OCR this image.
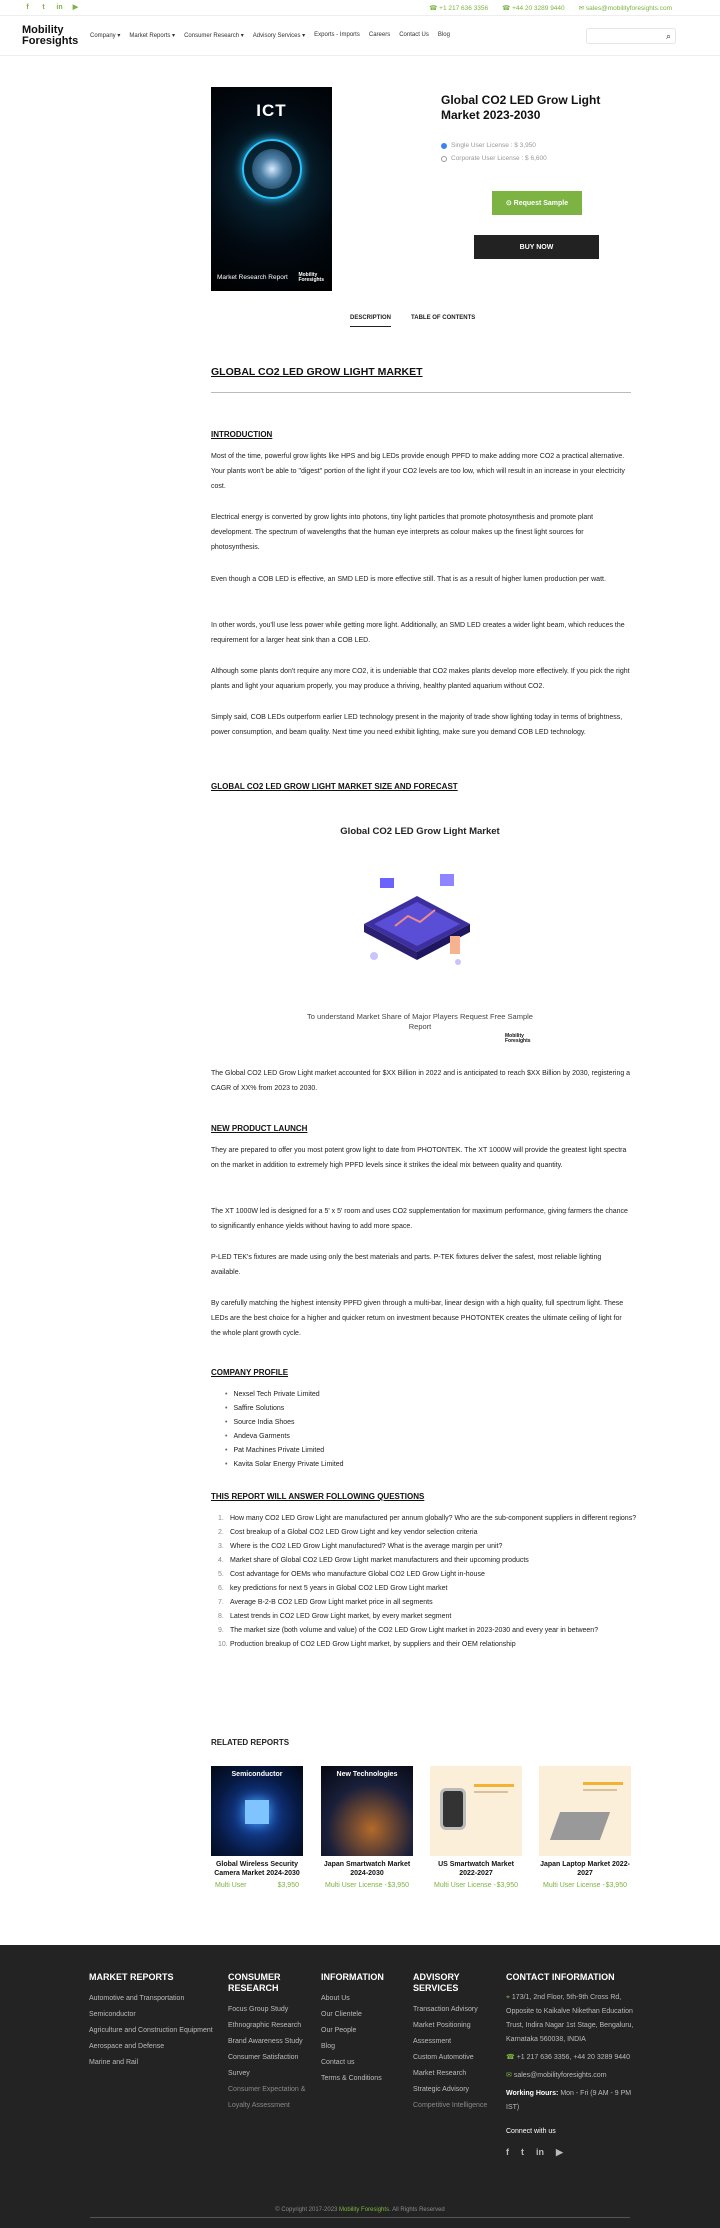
f	t	in ▶	☎ +1 217 636 3356 ☎ +44 20 3289 9440 ✉ sales@mobilityforesights.com
Mobility
Foresights Company ▾ Market Reports ▾ Consumer Research ▾ Advisory Services ▾ Exports - Imports Careers Contact Us Blog	⌕
ICT
Market Research Report Mobility
Foresights
Global CO2 LED Grow Light Market 2023-2030
Single User License : $ 3,950
Corporate User License : $ 6,600
⊙ Request Sample
BUY NOW
DESCRIPTION	TABLE OF CONTENTS
GLOBAL CO2 LED GROW LIGHT MARKET
INTRODUCTION
Most of the time, powerful grow lights like HPS and big LEDs provide enough PPFD to make adding more CO2 a practical alternative. Your plants won't be able to "digest" portion of the light if your CO2 levels are too low, which will result in an increase in your electricity cost.
Electrical energy is converted by grow lights into photons, tiny light particles that promote photosynthesis and promote plant development. The spectrum of wavelengths that the human eye interprets as colour makes up the finest light sources for photosynthesis.
Even though a COB LED is effective, an SMD LED is more effective still. That is as a result of higher lumen production per watt.
In other words, you'll use less power while getting more light. Additionally, an SMD LED creates a wider light beam, which reduces the requirement for a larger heat sink than a COB LED.
Although some plants don't require any more CO2, it is undeniable that CO2 makes plants develop more effectively. If you pick the right plants and light your aquarium properly, you may produce a thriving, healthy planted aquarium without CO2.
Simply said, COB LEDs outperform earlier LED technology present in the majority of trade show lighting today in terms of brightness, power consumption, and beam quality. Next time you need exhibit lighting, make sure you demand COB LED technology.
GLOBAL CO2 LED GROW LIGHT MARKET SIZE AND FORECAST
Global CO2 LED Grow Light Market
To understand Market Share of Major Players Request Free Sample Report
Mobility
Foresights
The Global CO2 LED Grow Light market accounted for $XX Billion in 2022 and is anticipated to reach $XX Billion by 2030, registering a CAGR of XX% from 2023 to 2030.
NEW PRODUCT LAUNCH
They are prepared to offer you most potent grow light to date from PHOTONTEK. The XT 1000W will provide the greatest light spectra on the market in addition to extremely high PPFD levels since it strikes the ideal mix between quality and quantity.
The XT 1000W led is designed for a 5' x 5' room and uses CO2 supplementation for maximum performance, giving farmers the chance to significantly enhance yields without having to add more space.
P-LED TEK's fixtures are made using only the best materials and parts. P-TEK fixtures deliver the safest, most reliable lighting available.
By carefully matching the highest intensity PPFD given through a multi-bar, linear design with a high quality, full spectrum light. These LEDs are the best choice for a higher and quicker return on investment because PHOTONTEK creates the ultimate ceiling of light for the whole plant growth cycle.
COMPANY PROFILE
• Nexsel Tech Private Limited
• Saffire Solutions
• Source India Shoes
• Andeva Garments
• Pat Machines Private Limited
• Kavita Solar Energy Private Limited
THIS REPORT WILL ANSWER FOLLOWING QUESTIONS
1. How many CO2 LED Grow Light are manufactured per annum globally? Who are the sub-component suppliers in different regions?
2. Cost breakup of a Global CO2 LED Grow Light and key vendor selection criteria
3. Where is the CO2 LED Grow Light manufactured? What is the average margin per unit?
4. Market share of Global CO2 LED Grow Light market manufacturers and their upcoming products
5. Cost advantage for OEMs who manufacture Global CO2 LED Grow Light in-house
6. key predictions for next 5 years in Global CO2 LED Grow Light market
7. Average B-2-B CO2 LED Grow Light market price in all segments
8. Latest trends in CO2 LED Grow Light market, by every market segment
9. The market size (both volume and value) of the CO2 LED Grow Light market in 2023-2030 and every year in between?
10. Production breakup of CO2 LED Grow Light market, by suppliers and their OEM relationship
RELATED REPORTS
Semiconductor
Global Wireless Security Camera Market 2024-2030
Multi User	$3,950
New Technologies
Japan Smartwatch Market 2024-2030
Multi User License - $3,950
US Smartwatch Market 2022-2027
Multi User License - $3,950
Japan Laptop Market 2022-2027
Multi User License - $3,950
MARKET REPORTS
Automotive and Transportation
Semiconductor
Agriculture and Construction Equipment
Aerospace and Defense
Marine and Rail
CONSUMER RESEARCH
Focus Group Study
Ethnographic Research
Brand Awareness Study
Consumer Satisfaction Survey
Consumer Expectation & Loyalty Assessment
INFORMATION
About Us
Our Clientele
Our People
Blog
Contact us
Terms & Conditions
ADVISORY SERVICES
Transaction Advisory
Market Positioning Assessment
Custom Automotive Market Research
Strategic Advisory
Competitive Intelligence
CONTACT INFORMATION
⌖ 173/1, 2nd Floor, 5th-9th Cross Rd, Opposite to Kaikalve Nikethan Education Trust, Indira Nagar 1st Stage, Bengaluru, Karnataka 560038, INDIA
☎ +1 217 636 3356, +44 20 3289 9440
✉ sales@mobilityforesights.com
Working Hours: Mon - Fri (9 AM - 9 PM IST)
Connect with us
f t in ▶
© Copyright 2017-2023 Mobility Foresights. All Rights Reserved
